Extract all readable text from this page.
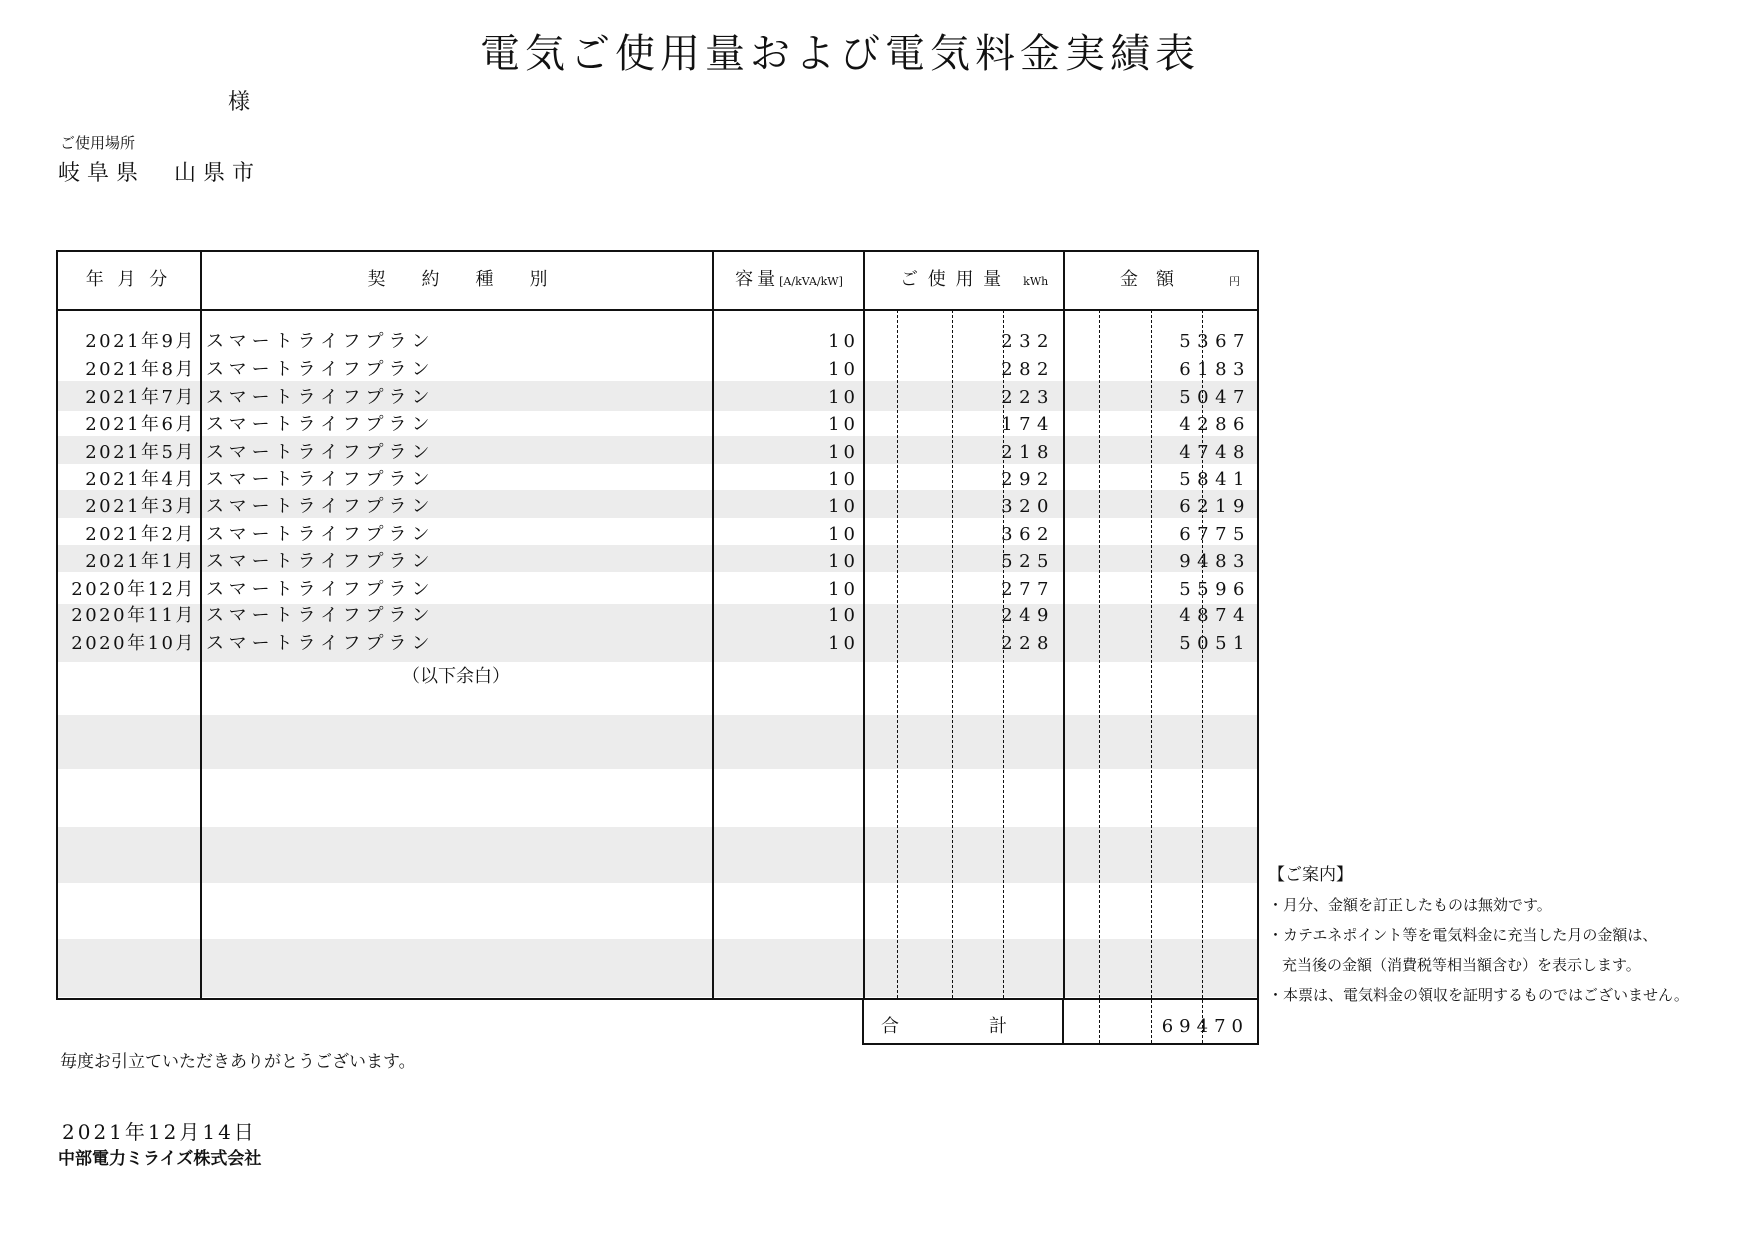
電気ご使用量および電気料金実績表
様
ご使用場所
岐阜県　山県市
年 月 分	契　　約　　種　　別	容量[A/kVA/kW]	ご 使 用 量 kWh	金　額	円
2021年9月 スマートライフプラン	10	232	5367
2021年8月 スマートライフプラン	10	282	6183
2021年7月 スマートライフプラン	10	223	5047
2021年6月 スマートライフプラン	10	174	4286
2021年5月 スマートライフプラン	10	218	4748
2021年4月 スマートライフプラン	10	292	5841
2021年3月 スマートライフプラン	10	320	6219
2021年2月 スマートライフプラン	10	362	6775
2021年1月 スマートライフプラン	10	525	9483
2020年12月 スマートライフプラン	10	277	5596
2020年11月 スマートライフプラン	10	249	4874
2020年10月 スマートライフプラン	10	228	5051
（以下余白）
合　計	69470
【ご案内】
・月分、金額を訂正したものは無効です。
・カテエネポイント等を電気料金に充当した月の金額は、
充当後の金額（消費税等相当額含む）を表示します。
・本票は、電気料金の領収を証明するものではございません。
毎度お引立ていただきありがとうございます。
2021年12月14日
中部電力ミライズ株式会社
